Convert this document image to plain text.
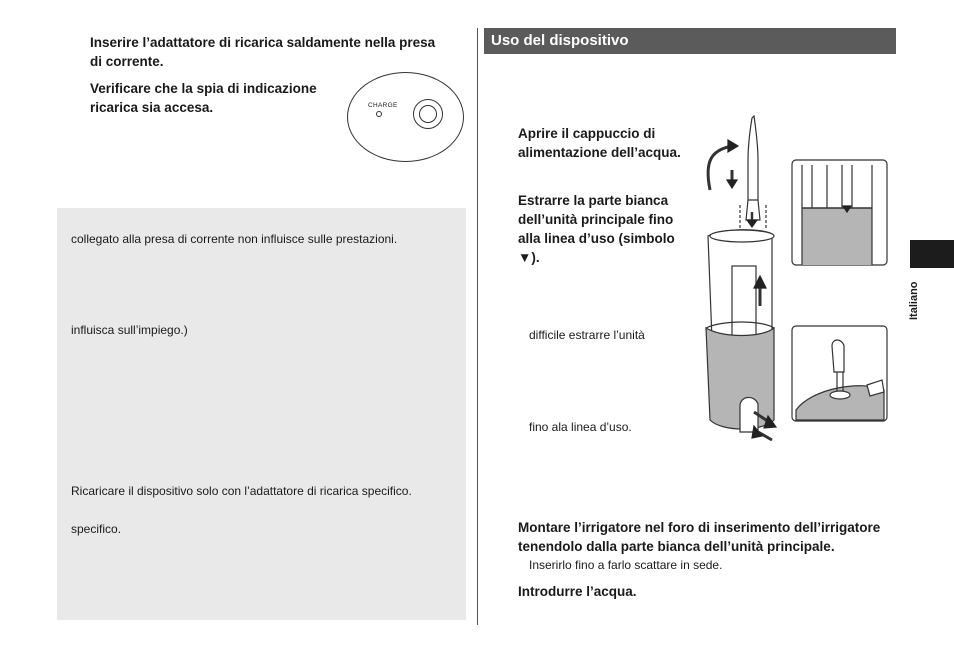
Inserire l’adattatore di ricarica saldamente nella presa di corrente.
Verificare che la spia di indicazione ricarica sia accesa.	CHARGE
collegato alla presa di corrente non influisce sulle prestazioni.
influisca sull’impiego.)
Ricaricare il dispositivo solo con l’adattatore di ricarica specifico.
specifico.
Uso del dispositivo
Aprire il cappuccio di alimentazione dell’acqua.
Estrarre la parte bianca dell’unità principale fino alla linea d’uso (simbolo ▼).
difficile estrarre l’unità
fino ala linea d’uso.
Montare l’irrigatore nel foro di inserimento dell’irrigatore tenendolo dalla parte bianca dell’unità principale.
Inserirlo fino a farlo scattare in sede.
Introdurre l’acqua.
Italiano
